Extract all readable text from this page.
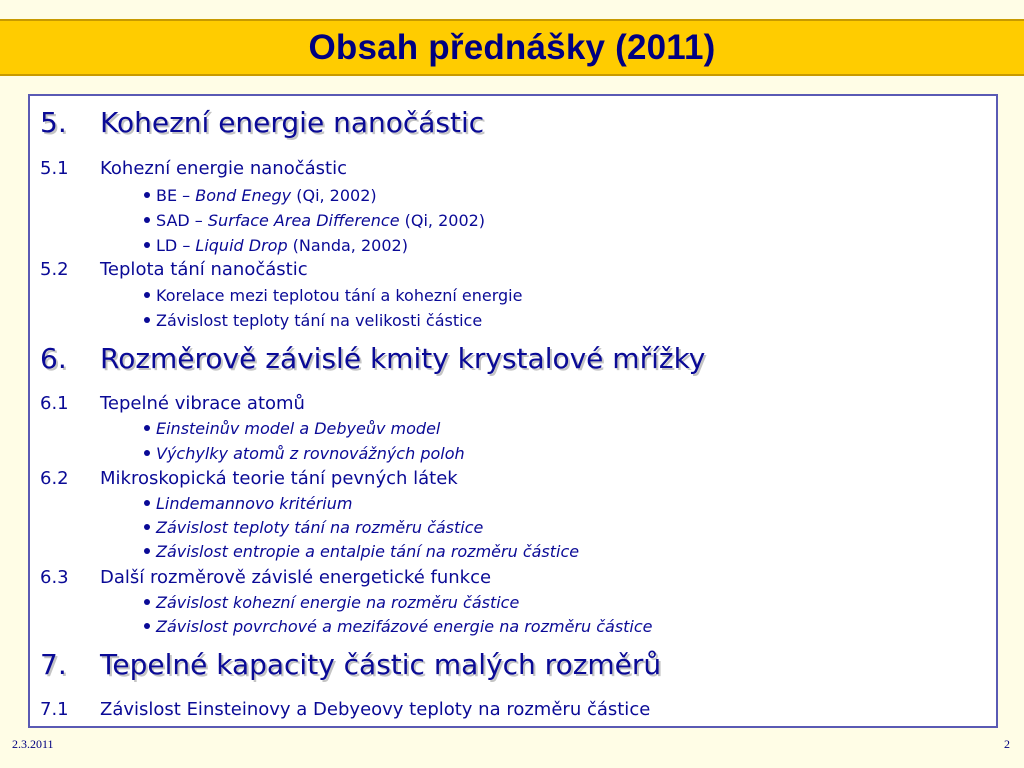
Obsah přednášky (2011)
5. Kohezní energie nanočástic
5.1 Kohezní energie nanočástic
BE – Bond Enegy (Qi, 2002)
SAD – Surface Area Difference (Qi, 2002)
LD – Liquid Drop (Nanda, 2002)
5.2 Teplota tání nanočástic
Korelace mezi teplotou tání a kohezní energie
Závislost teploty tání na velikosti částice
6. Rozměrově závislé kmity krystalové mřížky
6.1 Tepelné vibrace atomů
Einsteinův model a Debyeův model
Výchylky atomů z rovnovážných poloh
6.2 Mikroskopická teorie tání pevných látek
Lindemannovo kritérium
Závislost teploty tání na rozměru částice
Závislost entropie a entalpie tání na rozměru částice
6.3 Další rozměrově závislé energetické funkce
Závislost kohezní energie na rozměru částice
Závislost povrchové a mezifázové energie na rozměru částice
7. Tepelné kapacity částic malých rozměrů
7.1 Závislost Einsteinovy a Debyeovy teploty na rozměru částice
2.3.2011	2
